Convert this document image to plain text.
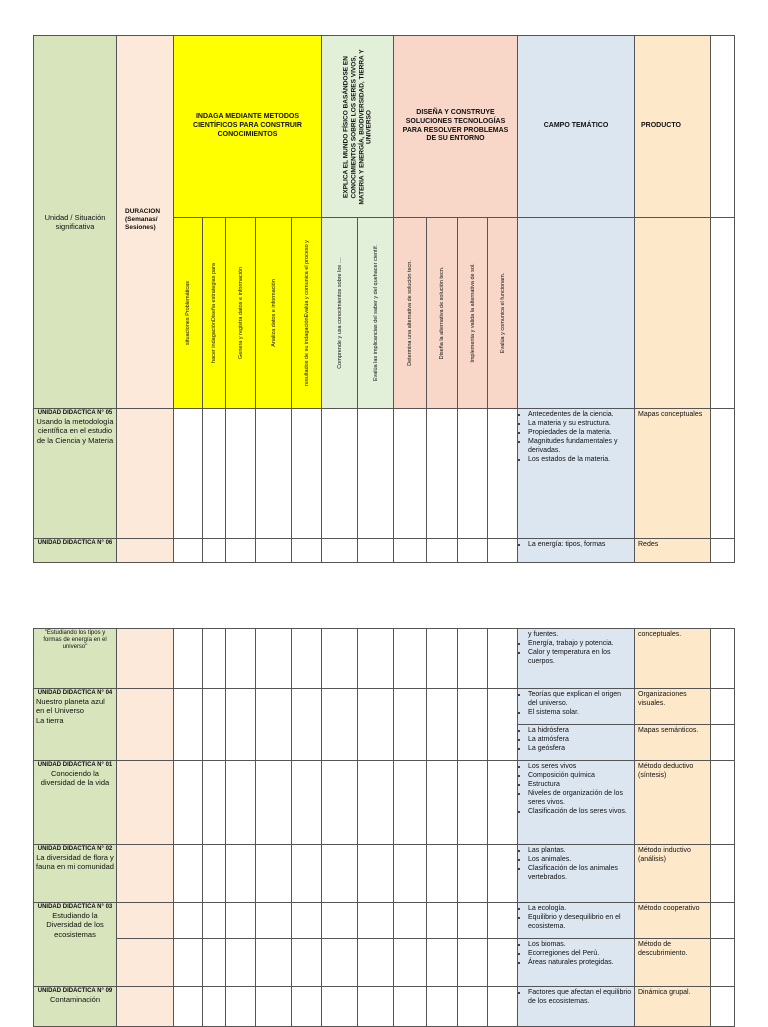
Unidad / Situación significativa
DURACION (Semanas/ Sesiones)
INDAGA MEDIANTE METODOS CIENTÍFICOS PARA CONSTRUIR CONOCIMIENTOS	EXPLICA EL MUNDO FÍSICO BASÁNDOSE EN CONOCIMIENTOS SOBRE LOS SERES VIVOS, MATERIA Y ENERGÍA, BIODIVERSIDAD, TIERRA Y UNIVERSO	DISEÑA Y CONSTRUYE SOLUCIONES TECNOLOGÍAS PARA RESOLVER PROBLEMAS DE SU ENTORNO
CAMPO TEMÁTICO	PRODUCTO
situaciones Problemáticas	hacer indagaciónDiseña estrategias para	Genera y registra datos e información	Analiza datos e información	resultados de su indagaciónEvalúa y comunica el proceso y	Comprende y usa conocimientos sobre los ....	Evalúa las implicancias del saber y del quehacer científ.	Determina una alternativa de solución tecn.	Diseña la alternativa de solución tecn.	Implementa y valida la alternativa de sol.	Evalúa y comunica el funcionam.
UNIDAD DIDACTICA N° 05
Usando la metodología científica en el estudio de la Ciencia y Materia
• Antecedentes de la ciencia.
• La materia y su estructura.
• Propiedades de la materia.
• Magnitudes fundamentales y derivadas.
• Los estados de la materia.
Mapas conceptuales
UNIDAD DIDACTICA N° 06
•	La energía: tipos, formas	Redes
"Estudiando los tipos y formas de energía en el universo"
y fuentes.
• Energía, trabajo y potencia.
• Calor y temperatura en los cuerpos.
conceptuales.
UNIDAD DIDACTICA N° 04
Nuestro planeta azul en el Universo
La tierra
• Teorías que explican el origen del universo.
• El sistema solar.
Organizaciones visuales.
• La hidrósfera
• La atmósfera
• La geósfera
Mapas semánticos.
UNIDAD DIDÁCTICA N° 01
Conociendo la diversidad de la vida
• Los seres vivos
• Composición química
• Estructura
• Niveles de organización de los seres vivos.
• Clasificación de los seres vivos.
Método deductivo (síntesis)
UNIDAD DIDACTICA N° 02
La diversidad de flora y fauna en mi comunidad
• Las plantas.
• Los animales.
• Clasificación de los animales vertebrados.
Método inductivo (análisis)
UNIDAD DIDACTICA N° 03
Estudiando la Diversidad de los ecosistemas
• La ecología.
• Equilibrio y desequilibrio en el ecosistema.
Método cooperativo
• Los biomas.
• Ecorregiones del Perú.
• Áreas naturales protegidas.
Método de descubrimiento.
UNIDAD DIDÁCTICA N° 09
Contaminación
• Factores que afectan el equilibrio de los ecosistemas.
Dinámica grupal.
